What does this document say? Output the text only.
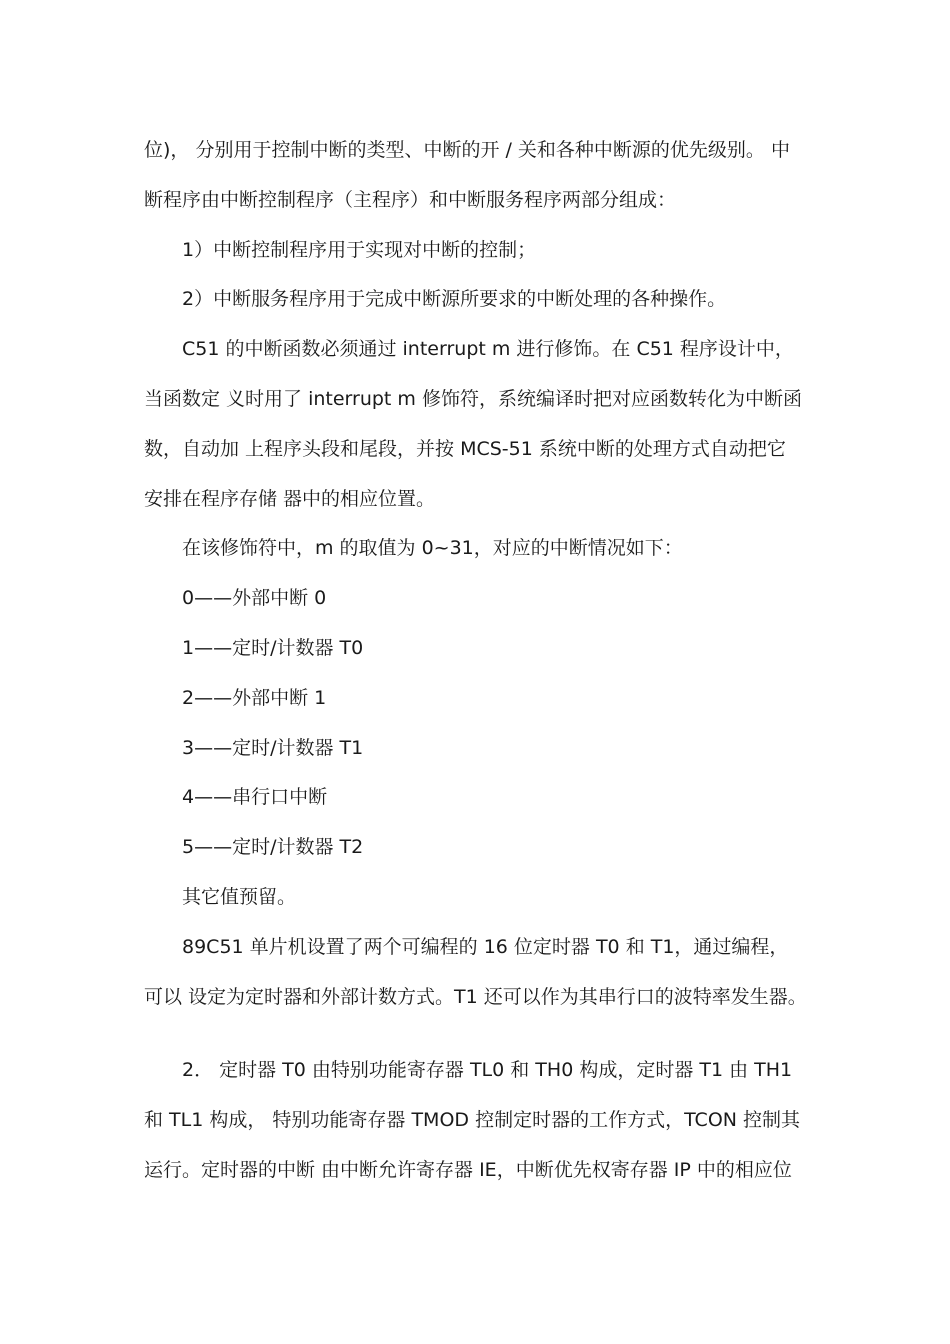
位)， 分别用于控制中断的类型、中断的开 / 关和各种中断源的优先级别。 中
断程序由中断控制程序（主程序）和中断服务程序两部分组成：
1）中断控制程序用于实现对中断的控制；
2）中断服务程序用于完成中断源所要求的中断处理的各种操作。
C51 的中断函数必须通过 interrupt m 进行修饰。在 C51 程序设计中，
当函数定 义时用了 interrupt m 修饰符，系统编译时把对应函数转化为中断函
数，自动加 上程序头段和尾段，并按 MCS-51 系统中断的处理方式自动把它
安排在程序存储 器中的相应位置。
在该修饰符中，m 的取值为 0~31，对应的中断情况如下：
0——外部中断 0
1——定时/计数器 T0
2——外部中断 1
3——定时/计数器 T1
4——串行口中断
5——定时/计数器 T2
其它值预留。
89C51 单片机设置了两个可编程的 16 位定时器 T0 和 T1，通过编程，
可以 设定为定时器和外部计数方式。T1 还可以作为其串行口的波特率发生器。
2． 定时器 T0 由特别功能寄存器 TL0 和 TH0 构成，定时器 T1 由 TH1
和 TL1 构成， 特别功能寄存器 TMOD 控制定时器的工作方式，TCON 控制其
运行。定时器的中断 由中断允许寄存器 IE，中断优先权寄存器 IP 中的相应位
